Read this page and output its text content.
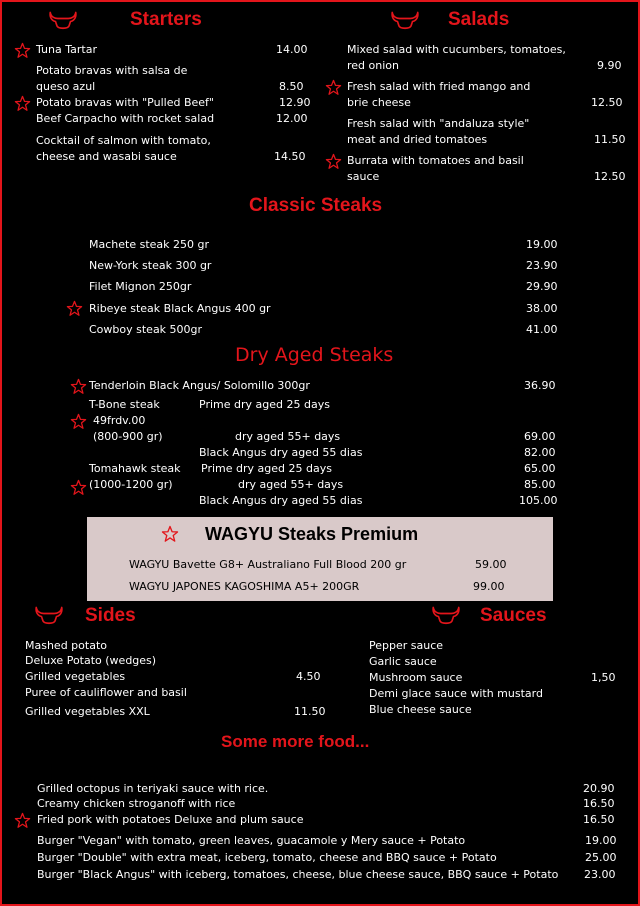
Starters
Tuna Tartar	14.00
Potato bravas with salsa de
queso azul	8.50
Potato bravas with "Pulled Beef"	12.90
Beef Carpacho with rocket salad	12.00
Cocktail of salmon with tomato,
cheese and wasabi sauce	14.50
Salads
Mixed salad with cucumbers, tomatoes,
red onion	9.90
Fresh salad with fried mango and
brie cheese	12.50
Fresh salad with "andaluza style"
meat and dried tomatoes	11.50
Burrata with tomatoes and basil
sauce	12.50
Classic Steaks
Machete steak 250 gr	19.00
New-York steak 300 gr	23.90
Filet Mignon 250gr	29.90
Ribeye steak Black Angus 400 gr	38.00
Cowboy steak 500gr	41.00
Dry Aged Steaks
Tenderloin Black Angus/ Solomillo 300gr	36.90
T-Bone steak	Prime dry aged 25 days
49frdv.00
(800-900 gr)	dry aged 55+ days	69.00
Black Angus dry aged 55 dias	82.00
Tomahawk steak Prime dry aged 25 days	65.00
(1000-1200 gr)	dry aged 55+ days	85.00
Black Angus dry aged 55 dias	105.00
WAGYU Steaks Premium
WAGYU Bavette G8+ Australiano Full Blood 200 gr	59.00
WAGYU JAPONES KAGOSHIMA A5+ 200GR	99.00
Sides
Mashed potato
Deluxe Potato (wedges)
Grilled vegetables	4.50
Puree of cauliflower and basil
Grilled vegetables XXL	11.50
Sauces
Pepper sauce
Garlic sauce
Mushroom sauce	1,50
Demi glace sauce with mustard
Blue cheese sauce
Some more food...
Grilled octopus in teriyaki sauce with rice.	20.90
Creamy chicken stroganoff with rice	16.50
Fried pork with potatoes Deluxe and plum sauce	16.50
Burger "Vegan" with tomato, green leaves, guacamole y Mery sauce + Potato	19.00
Burger "Double" with extra meat, iceberg, tomato, cheese and BBQ sauce + Potato	25.00
Burger "Black Angus" with iceberg, tomatoes, cheese, blue cheese sauce, BBQ sauce + Potato 23.00
